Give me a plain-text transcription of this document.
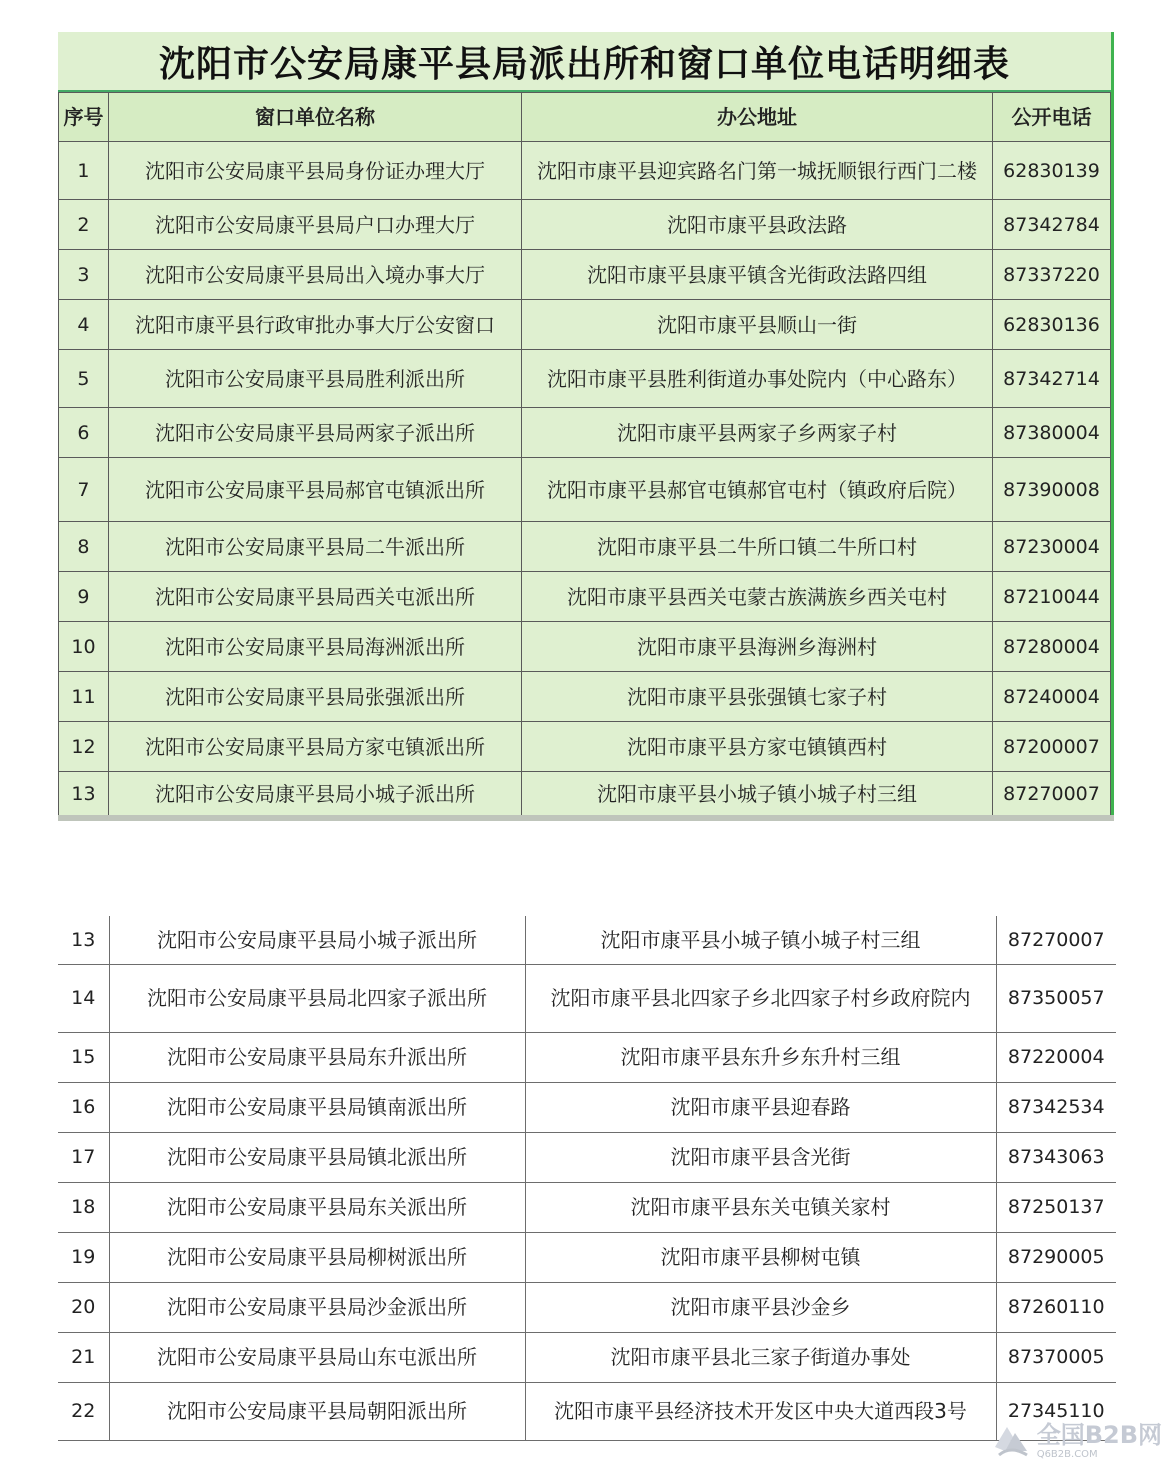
沈阳市公安局康平县局派出所和窗口单位电话明细表
序号	窗口单位名称	办公地址	公开电话
1	沈阳市公安局康平县局身份证办理大厅	沈阳市康平县迎宾路名门第一城抚顺银行西门二楼	62830139
2	沈阳市公安局康平县局户口办理大厅	沈阳市康平县政法路	87342784
3	沈阳市公安局康平县局出入境办事大厅	沈阳市康平县康平镇含光街政法路四组	87337220
4	沈阳市康平县行政审批办事大厅公安窗口	沈阳市康平县顺山一街	62830136
5	沈阳市公安局康平县局胜利派出所	沈阳市康平县胜利街道办事处院内（中心路东）	87342714
6	沈阳市公安局康平县局两家子派出所	沈阳市康平县两家子乡两家子村	87380004
7	沈阳市公安局康平县局郝官屯镇派出所	沈阳市康平县郝官屯镇郝官屯村（镇政府后院）	87390008
8	沈阳市公安局康平县局二牛派出所	沈阳市康平县二牛所口镇二牛所口村	87230004
9	沈阳市公安局康平县局西关屯派出所	沈阳市康平县西关屯蒙古族满族乡西关屯村	87210044
10	沈阳市公安局康平县局海洲派出所	沈阳市康平县海洲乡海洲村	87280004
11	沈阳市公安局康平县局张强派出所	沈阳市康平县张强镇七家子村	87240004
12	沈阳市公安局康平县局方家屯镇派出所	沈阳市康平县方家屯镇镇西村	87200007
13	沈阳市公安局康平县局小城子派出所	沈阳市康平县小城子镇小城子村三组	87270007
13	沈阳市公安局康平县局小城子派出所	沈阳市康平县小城子镇小城子村三组	87270007
14	沈阳市公安局康平县局北四家子派出所	沈阳市康平县北四家子乡北四家子村乡政府院内	87350057
15	沈阳市公安局康平县局东升派出所	沈阳市康平县东升乡东升村三组	87220004
16	沈阳市公安局康平县局镇南派出所	沈阳市康平县迎春路	87342534
17	沈阳市公安局康平县局镇北派出所	沈阳市康平县含光街	87343063
18	沈阳市公安局康平县局东关派出所	沈阳市康平县东关屯镇关家村	87250137
19	沈阳市公安局康平县局柳树派出所	沈阳市康平县柳树屯镇	87290005
20	沈阳市公安局康平县局沙金派出所	沈阳市康平县沙金乡	87260110
21	沈阳市公安局康平县局山东屯派出所	沈阳市康平县北三家子街道办事处	87370005
22	沈阳市公安局康平县局朝阳派出所	沈阳市康平县经济技术开发区中央大道西段3号	27345110
全国B2B网
Q6B2B.COM
